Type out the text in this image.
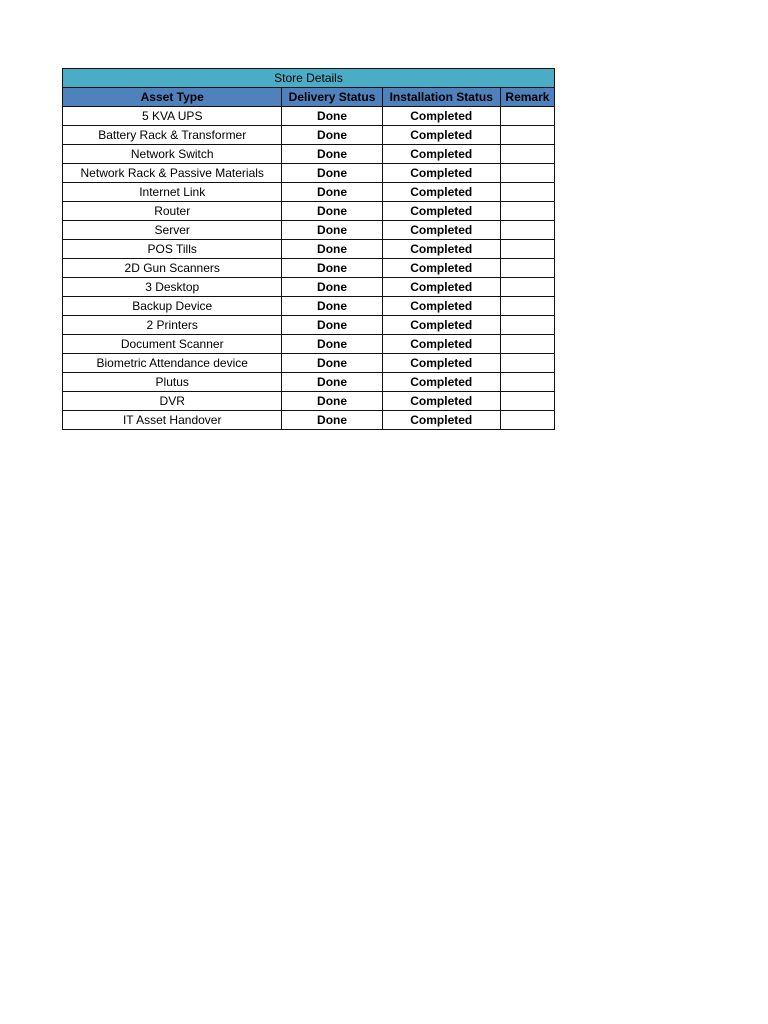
Store Details			
Asset Type	Delivery Status	Installation Status	Remark
5 KVA UPS	Done	Completed	
Battery Rack & Transformer	Done	Completed	
Network Switch	Done	Completed	
Network Rack & Passive Materials	Done	Completed	
Internet Link	Done	Completed	
Router	Done	Completed	
Server	Done	Completed	
POS Tills	Done	Completed	
2D Gun Scanners	Done	Completed	
3 Desktop	Done	Completed	
Backup Device	Done	Completed	
2 Printers	Done	Completed	
Document Scanner	Done	Completed	
Biometric Attendance device	Done	Completed	
Plutus	Done	Completed	
DVR	Done	Completed	
IT Asset Handover	Done	Completed	
